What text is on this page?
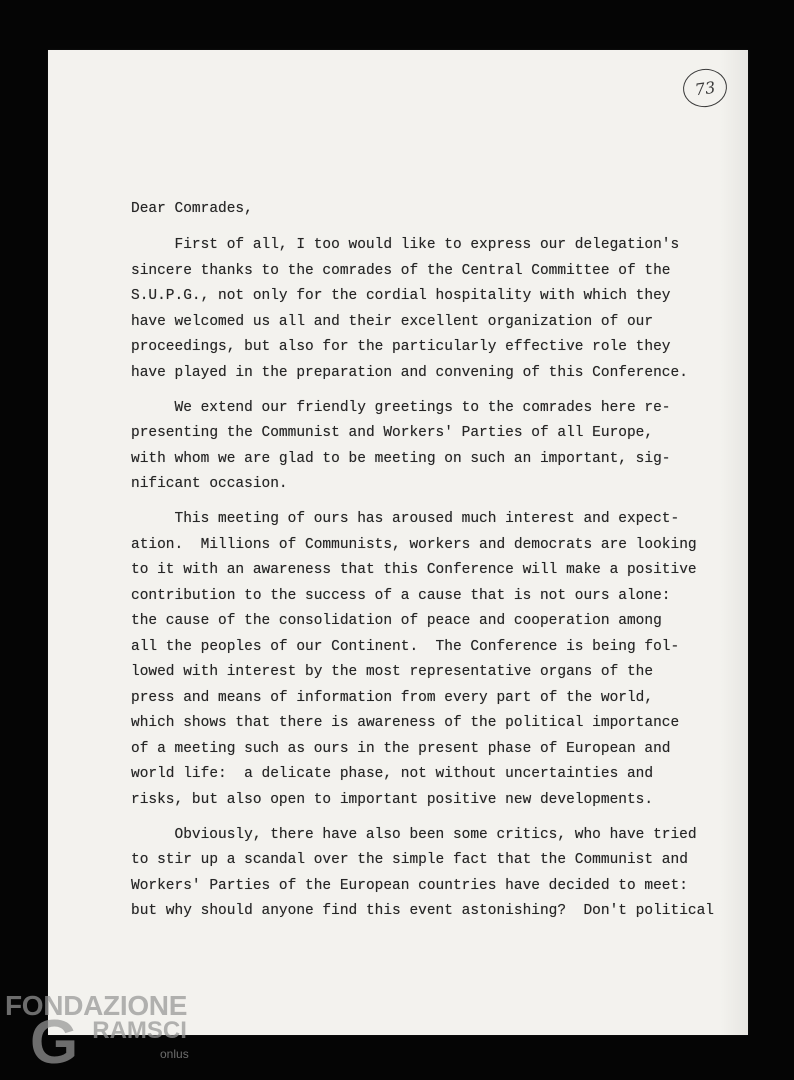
73
Dear Comrades,
First of all, I too would like to express our delegation's
sincere thanks to the comrades of the Central Committee of the
S.U.P.G., not only for the cordial hospitality with which they
have welcomed us all and their excellent organization of our
proceedings, but also for the particularly effective role they
have played in the preparation and convening of this Conference.
We extend our friendly greetings to the comrades here re-
presenting the Communist and Workers' Parties of all Europe,
with whom we are glad to be meeting on such an important, sig-
nificant occasion.
This meeting of ours has aroused much interest and expect-
ation.  Millions of Communists, workers and democrats are looking
to it with an awareness that this Conference will make a positive
contribution to the success of a cause that is not ours alone:
the cause of the consolidation of peace and cooperation among
all the peoples of our Continent.  The Conference is being fol-
lowed with interest by the most representative organs of the
press and means of information from every part of the world,
which shows that there is awareness of the political importance
of a meeting such as ours in the present phase of European and
world life:  a delicate phase, not without uncertainties and
risks, but also open to important positive new developments.
Obviously, there have also been some critics, who have tried
to stir up a scandal over the simple fact that the Communist and
Workers' Parties of the European countries have decided to meet:
but why should anyone find this event astonishing?  Don't political
FONDAZIONE
GRAMSCI
onlus
